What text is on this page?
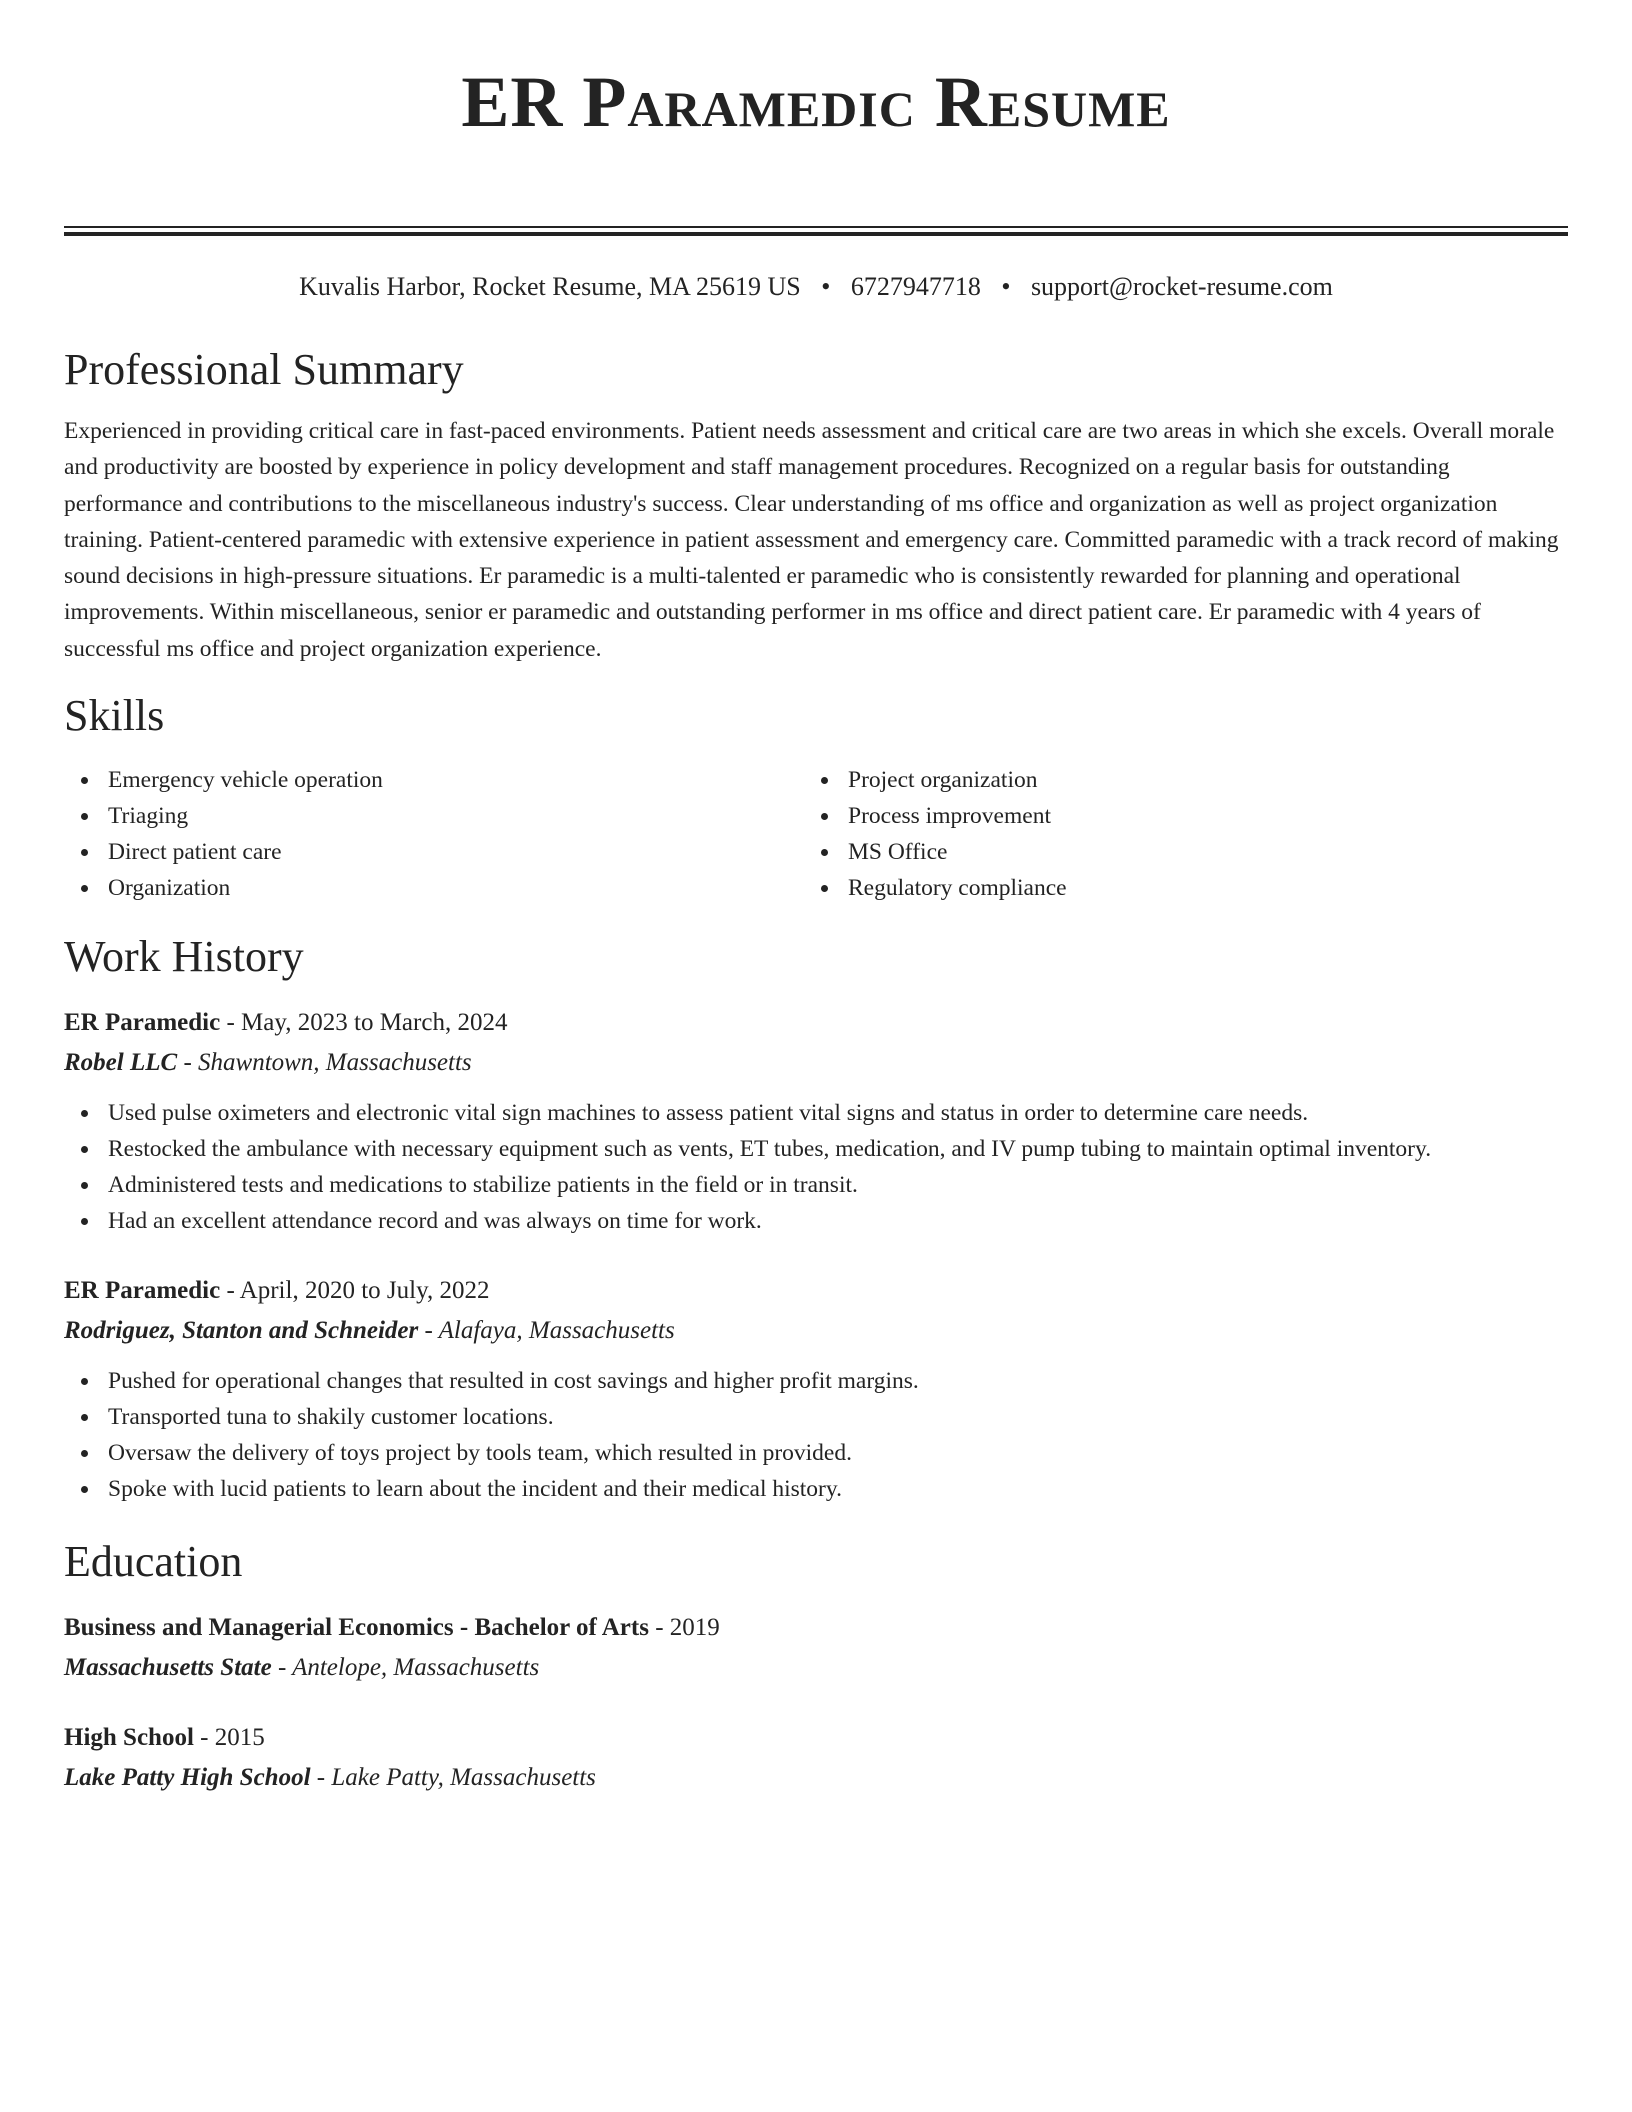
ER Paramedic Resume
Kuvalis Harbor, Rocket Resume, MA 25619 US • 6727947718 • support@rocket-resume.com
Professional Summary
Experienced in providing critical care in fast-paced environments. Patient needs assessment and critical care are two areas in which she excels. Overall morale and productivity are boosted by experience in policy development and staff management procedures. Recognized on a regular basis for outstanding performance and contributions to the miscellaneous industry's success. Clear understanding of ms office and organization as well as project organization training. Patient-centered paramedic with extensive experience in patient assessment and emergency care. Committed paramedic with a track record of making sound decisions in high-pressure situations. Er paramedic is a multi-talented er paramedic who is consistently rewarded for planning and operational improvements. Within miscellaneous, senior er paramedic and outstanding performer in ms office and direct patient care. Er paramedic with 4 years of successful ms office and project organization experience.
Skills
Emergency vehicle operation
Triaging
Direct patient care
Organization
Project organization
Process improvement
MS Office
Regulatory compliance
Work History
ER Paramedic - May, 2023 to March, 2024
Robel LLC - Shawntown, Massachusetts
Used pulse oximeters and electronic vital sign machines to assess patient vital signs and status in order to determine care needs.
Restocked the ambulance with necessary equipment such as vents, ET tubes, medication, and IV pump tubing to maintain optimal inventory.
Administered tests and medications to stabilize patients in the field or in transit.
Had an excellent attendance record and was always on time for work.
ER Paramedic - April, 2020 to July, 2022
Rodriguez, Stanton and Schneider - Alafaya, Massachusetts
Pushed for operational changes that resulted in cost savings and higher profit margins.
Transported tuna to shakily customer locations.
Oversaw the delivery of toys project by tools team, which resulted in provided.
Spoke with lucid patients to learn about the incident and their medical history.
Education
Business and Managerial Economics - Bachelor of Arts - 2019
Massachusetts State - Antelope, Massachusetts
High School - 2015
Lake Patty High School - Lake Patty, Massachusetts
